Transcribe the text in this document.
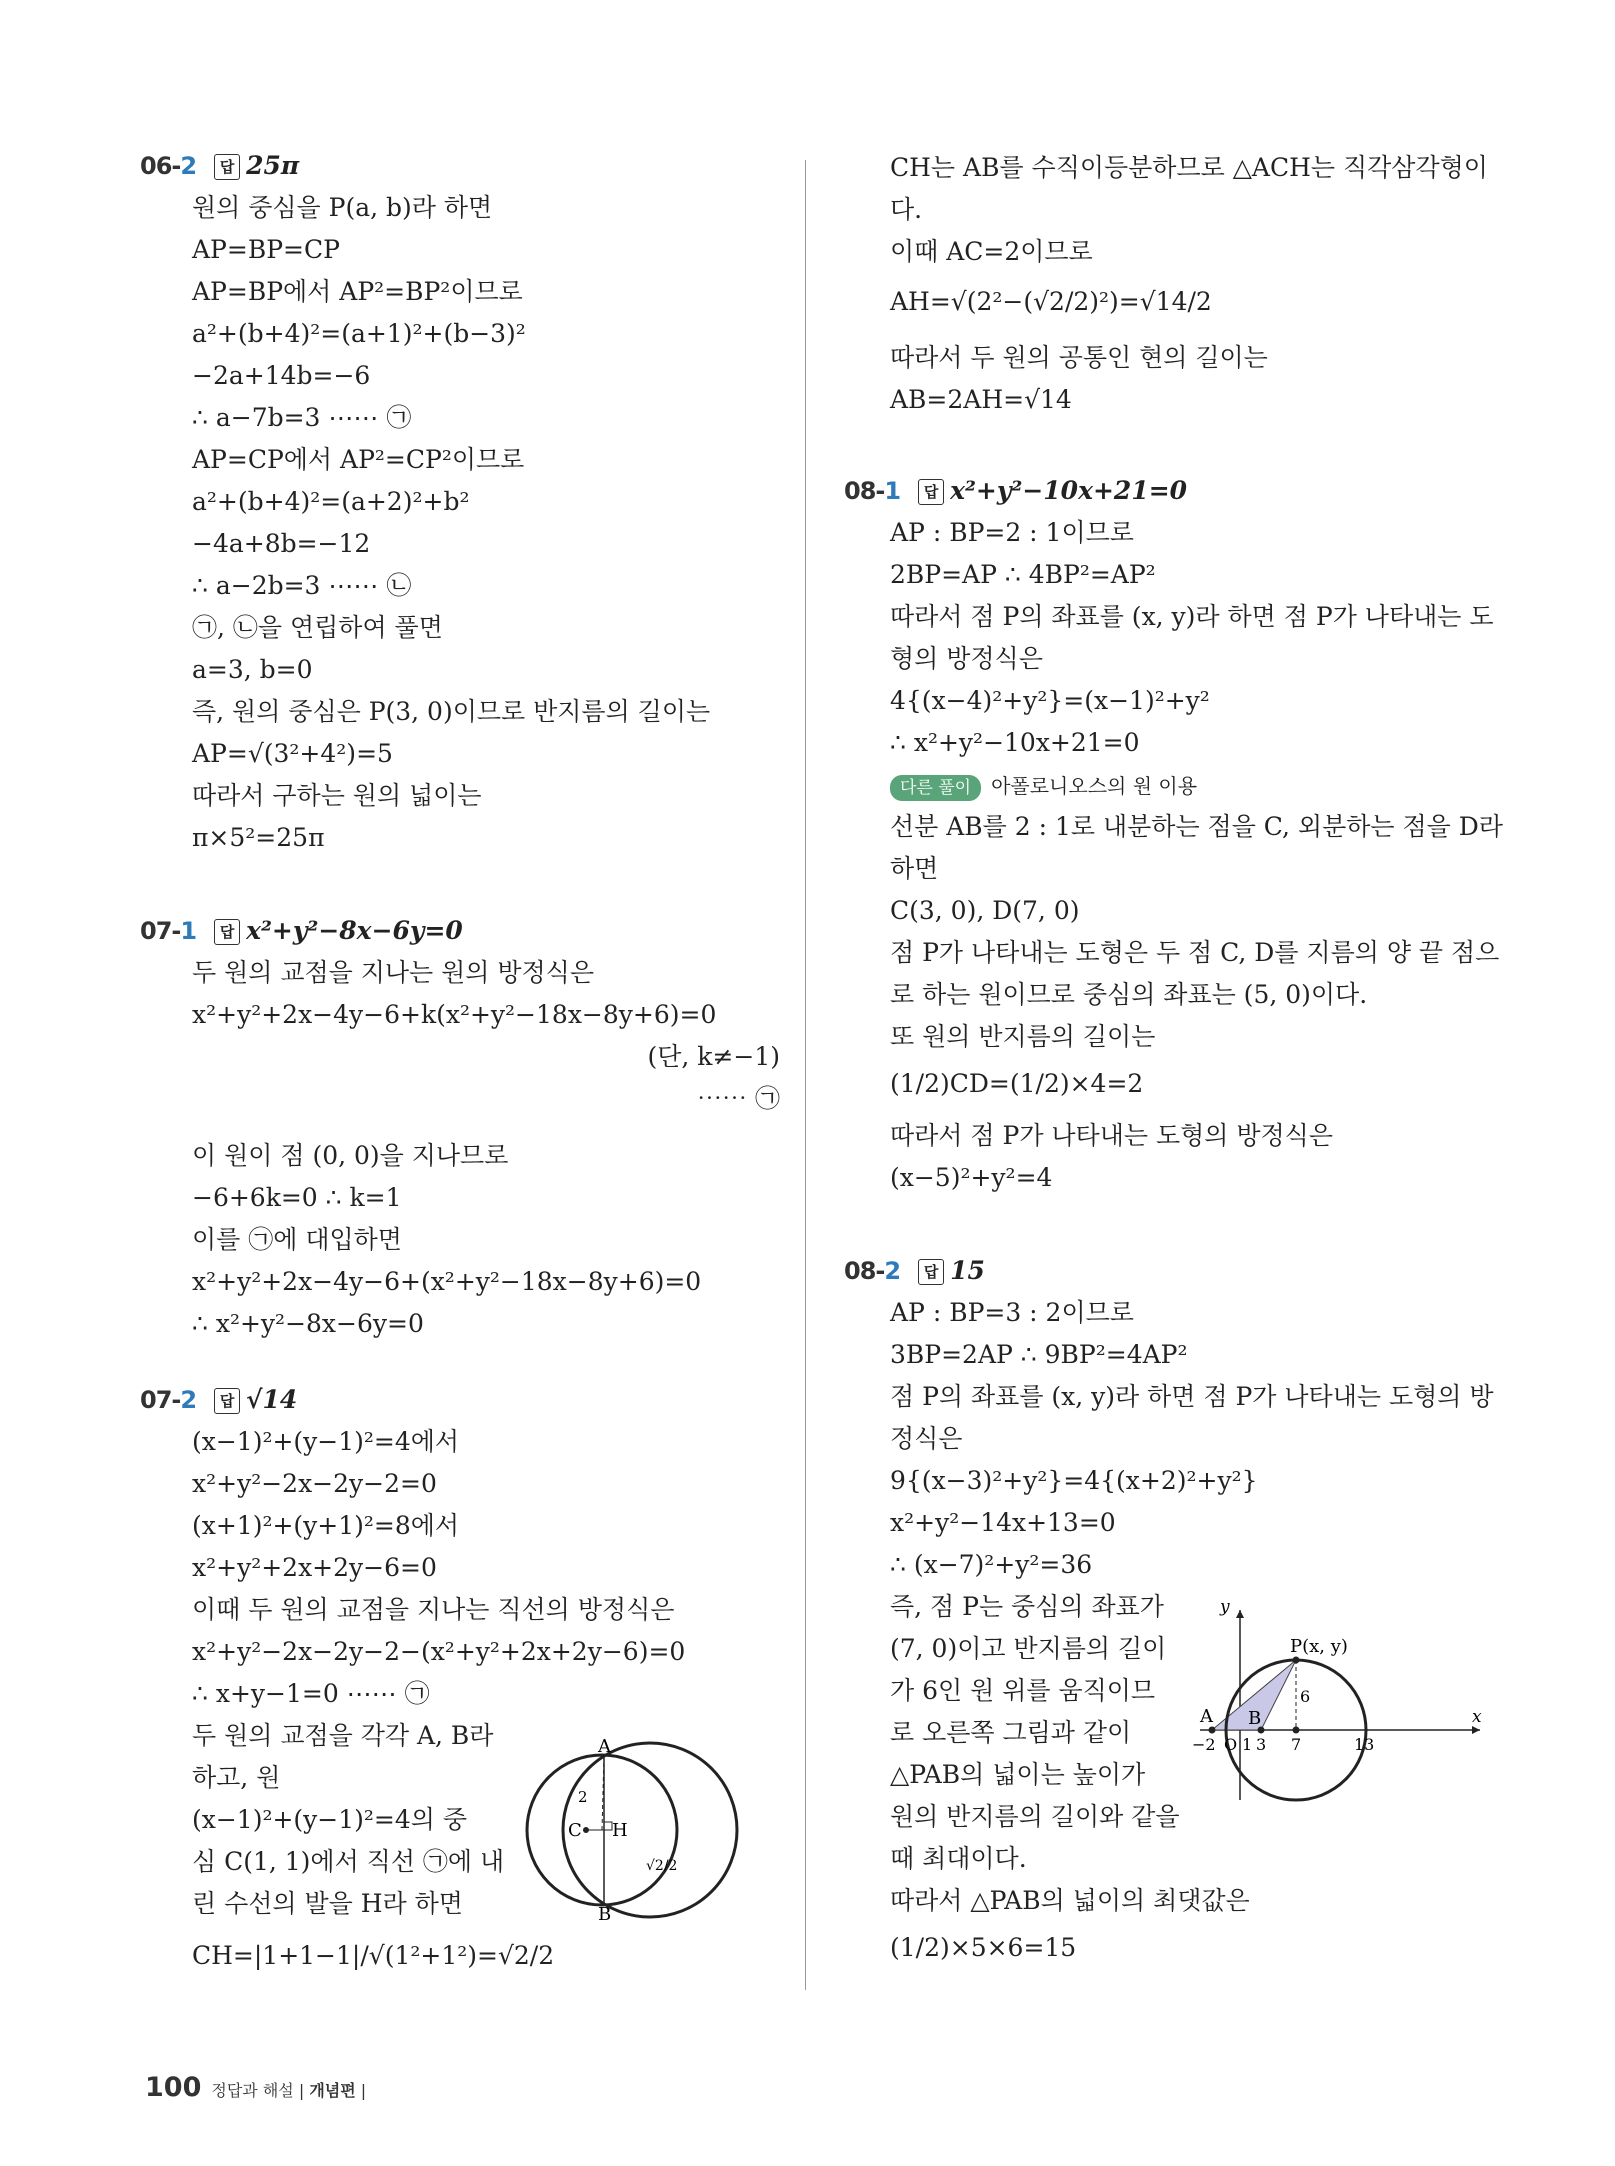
06-2 답 25π
원의 중심을 P(a, b)라 하면
AP=BP=CP
AP=BP에서 AP²=BP²이므로
a²+(b+4)²=(a+1)²+(b−3)²
−2a+14b=−6
∴ a−7b=3 ⋯⋯ ㉠
AP=CP에서 AP²=CP²이므로
a²+(b+4)²=(a+2)²+b²
−4a+8b=−12
∴ a−2b=3 ⋯⋯ ㉡
㉠, ㉡을 연립하여 풀면
a=3, b=0
즉, 원의 중심은 P(3, 0)이므로 반지름의 길이는
AP=√(3²+4²)=5
따라서 구하는 원의 넓이는
π×5²=25π
07-1 답 x²+y²−8x−6y=0
두 원의 교점을 지나는 원의 방정식은
x²+y²+2x−4y−6+k(x²+y²−18x−8y+6)=0
(단, k≠−1)
⋯⋯ ㉠
이 원이 점 (0, 0)을 지나므로
−6+6k=0 ∴ k=1
이를 ㉠에 대입하면
x²+y²+2x−4y−6+(x²+y²−18x−8y+6)=0
∴ x²+y²−8x−6y=0
07-2 답 √14
(x−1)²+(y−1)²=4에서
x²+y²−2x−2y−2=0
(x+1)²+(y+1)²=8에서
x²+y²+2x+2y−6=0
이때 두 원의 교점을 지나는 직선의 방정식은
x²+y²−2x−2y−2−(x²+y²+2x+2y−6)=0
∴ x+y−1=0 ⋯⋯ ㉠
두 원의 교점을 각각 A, B라
하고, 원
(x−1)²+(y−1)²=4의 중
심 C(1, 1)에서 직선 ㉠에 내
린 수선의 발을 H라 하면
CH=|1+1−1|/√(1²+1²)=√2/2
A
B
C H
2
√2/2
CH는 AB를 수직이등분하므로 △ACH는 직각삼각형이
다.
이때 AC=2이므로
AH=√(2²−(√2/2)²)=√14/2
따라서 두 원의 공통인 현의 길이는
AB=2AH=√14
08-1 답 x²+y²−10x+21=0
AP : BP=2 : 1이므로
2BP=AP ∴ 4BP²=AP²
따라서 점 P의 좌표를 (x, y)라 하면 점 P가 나타내는 도
형의 방정식은
4{(x−4)²+y²}=(x−1)²+y²
∴ x²+y²−10x+21=0
다른 풀이 아폴로니오스의 원 이용
선분 AB를 2 : 1로 내분하는 점을 C, 외분하는 점을 D라
하면
C(3, 0), D(7, 0)
점 P가 나타내는 도형은 두 점 C, D를 지름의 양 끝 점으
로 하는 원이므로 중심의 좌표는 (5, 0)이다.
또 원의 반지름의 길이는
(1/2)CD=(1/2)×4=2
따라서 점 P가 나타내는 도형의 방정식은
(x−5)²+y²=4
08-2 답 15
AP : BP=3 : 2이므로
3BP=2AP ∴ 9BP²=4AP²
점 P의 좌표를 (x, y)라 하면 점 P가 나타내는 도형의 방
정식은
9{(x−3)²+y²}=4{(x+2)²+y²}
x²+y²−14x+13=0
∴ (x−7)²+y²=36
즉, 점 P는 중심의 좌표가
(7, 0)이고 반지름의 길이
가 6인 원 위를 움직이므
로 오른쪽 그림과 같이
△PAB의 넓이는 높이가
원의 반지름의 길이와 같을
때 최대이다.
따라서 △PAB의 넓이의 최댓값은
(1/2)×5×6=15
y
x
P(x, y)
A B
6
−2 O 1 3 7	13
100 정답과 해설 | 개념편 |
